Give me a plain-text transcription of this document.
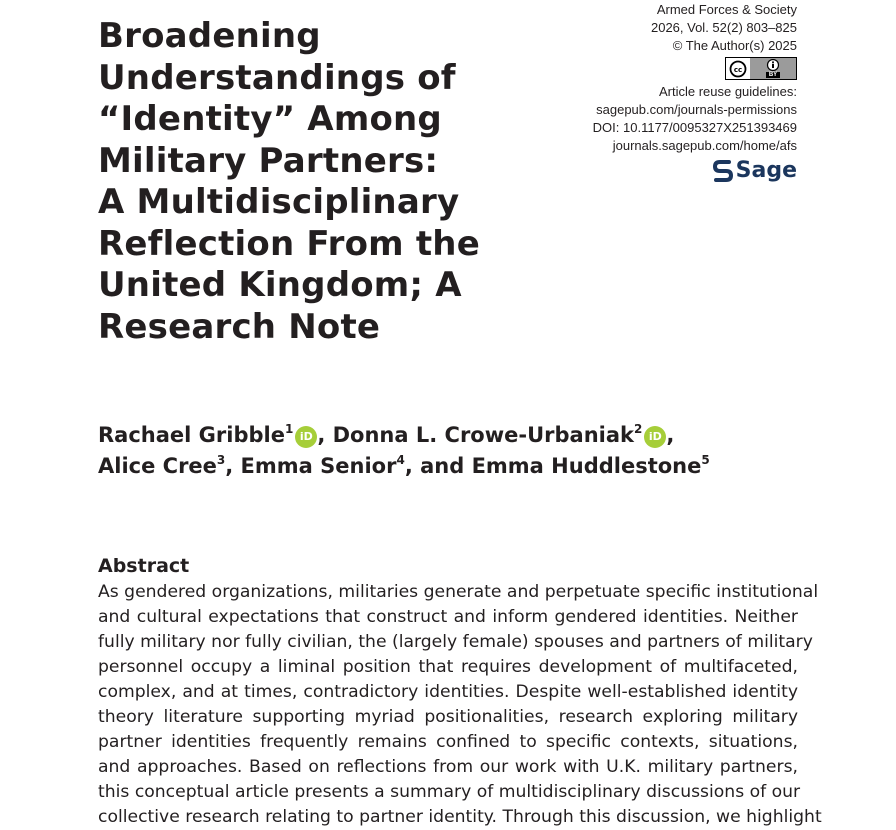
Broadening
Understandings of
“Identity” Among
Military Partners:
A Multidisciplinary
Reflection From the
United Kingdom; A
Research Note
Armed Forces & Society
2026, Vol. 52(2) 803–825
© The Author(s) 2025
cc
BY
Article reuse guidelines:
sagepub.com/journals-permissions
DOI: 10.1177/0095327X251393469
journals.sagepub.com/home/afs
Sage
Rachael Gribble$^1$iD , Donna L. Crowe-Urbaniak$^2$iD ,
Alice Cree$^3$, Emma Senior$^4$, and Emma Huddlestone$^5$
Abstract
As gendered organizations, militaries generate and perpetuate specific institutional
and cultural expectations that construct and inform gendered identities. Neither
fully military nor fully civilian, the (largely female) spouses and partners of military
personnel occupy a liminal position that requires development of multifaceted,
complex, and at times, contradictory identities. Despite well-established identity
theory literature supporting myriad positionalities, research exploring military
partner identities frequently remains confined to specific contexts, situations,
and approaches. Based on reflections from our work with U.K. military partners,
this conceptual article presents a summary of multidisciplinary discussions of our
collective research relating to partner identity. Through this discussion, we highlight
